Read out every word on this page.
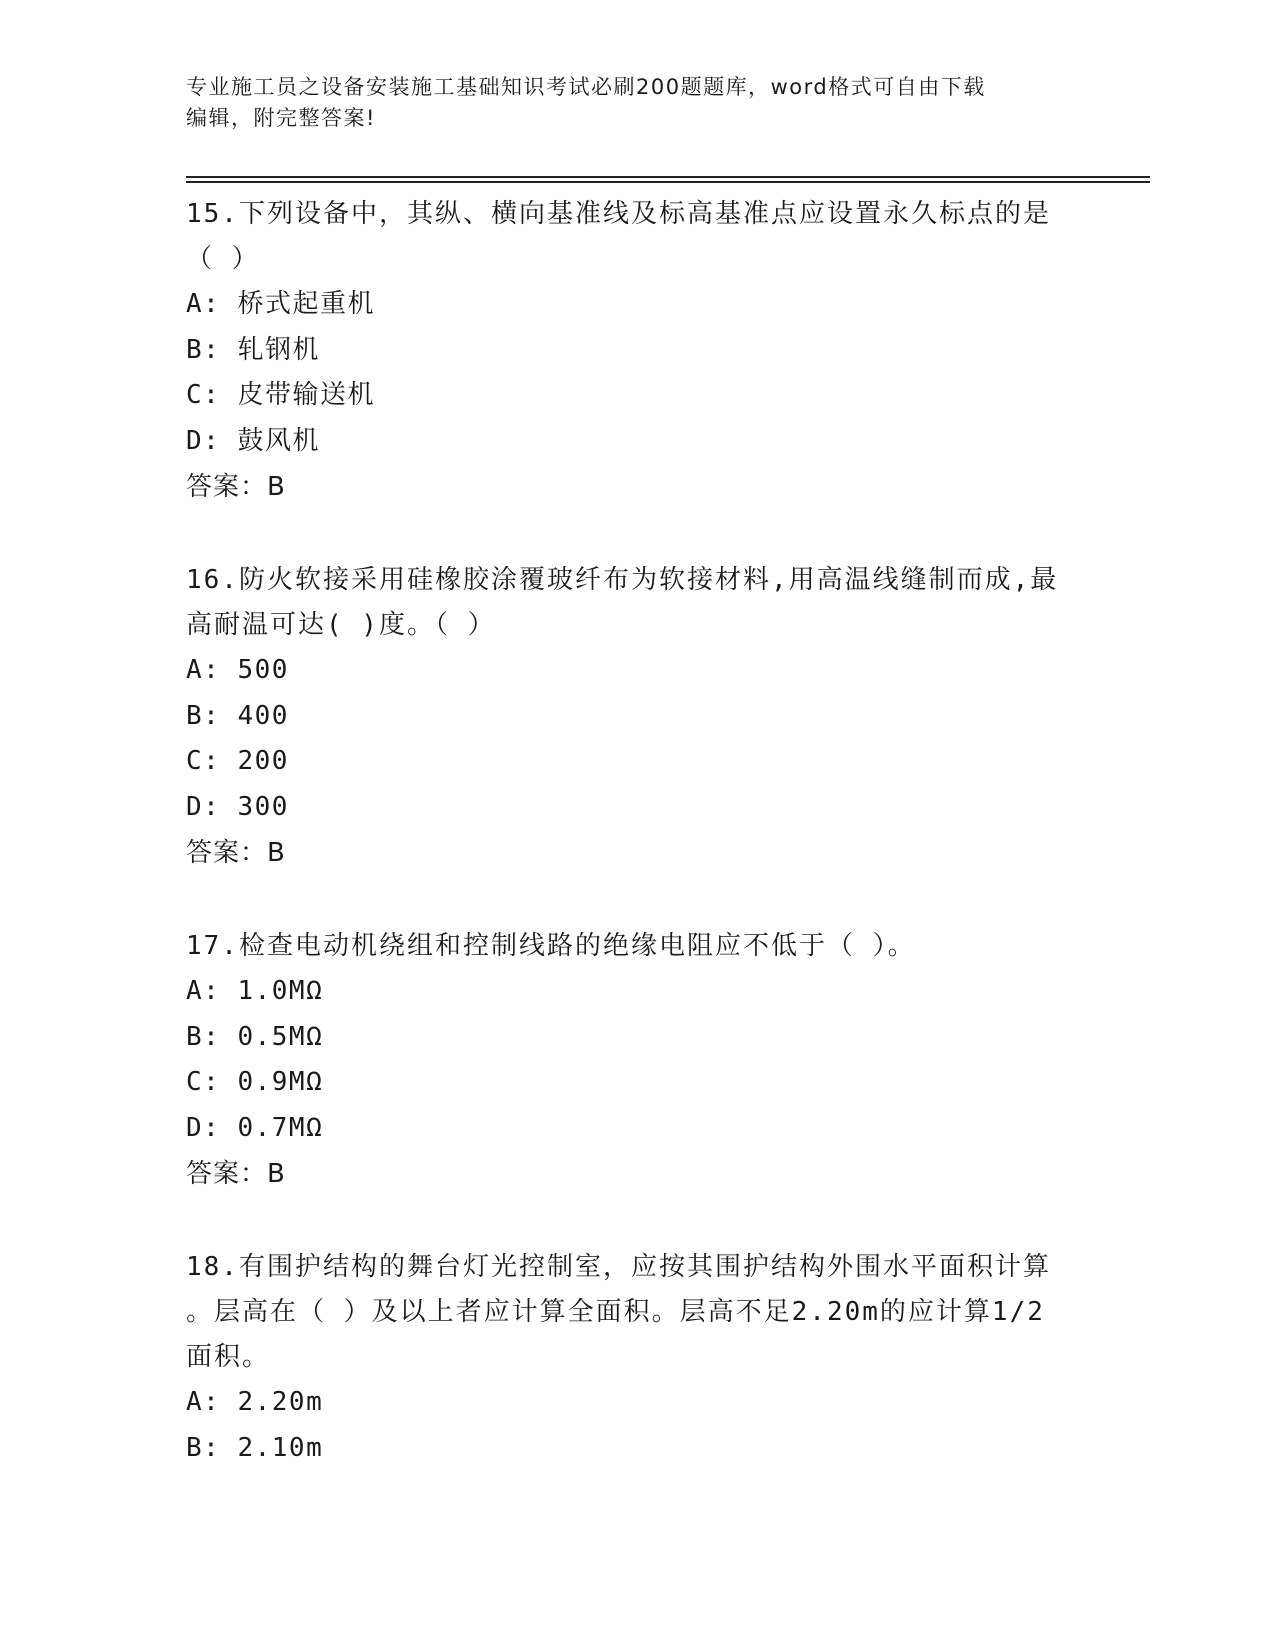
专业施工员之设备安装施工基础知识考试必刷200题题库，word格式可自由下载
编辑，附完整答案!
15.下列设备中，其纵、横向基准线及标高基准点应设置永久标点的是
（ ）
A: 桥式起重机
B: 轧钢机
C: 皮带输送机
D: 鼓风机
答案：B
16.防火软接采用硅橡胶涂覆玻纤布为软接材料,用高温线缝制而成,最
高耐温可达( )度。（ ）
A: 500
B: 400
C: 200
D: 300
答案：B
17.检查电动机绕组和控制线路的绝缘电阻应不低于（ ）。
A: 1.0MΩ
B: 0.5MΩ
C: 0.9MΩ
D: 0.7MΩ
答案：B
18.有围护结构的舞台灯光控制室，应按其围护结构外围水平面积计算
。层高在（ ）及以上者应计算全面积。层高不足2.20m的应计算1/2
面积。
A: 2.20m
B: 2.10m
